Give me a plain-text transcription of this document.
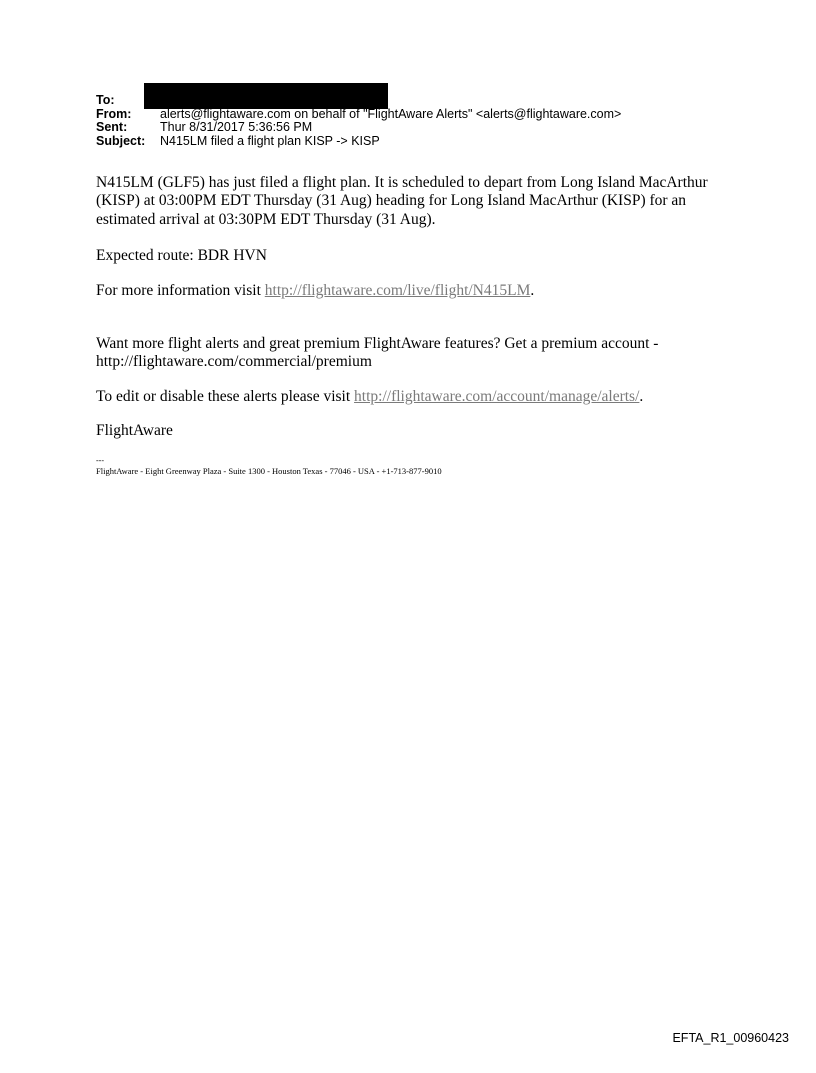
To:
From:	alerts@flightaware.com on behalf of "FlightAware Alerts" <alerts@flightaware.com>
Sent:	Thur 8/31/2017 5:36:56 PM
Subject:	N415LM filed a flight plan KISP -> KISP

N415LM (GLF5) has just filed a flight plan. It is scheduled to depart from Long Island MacArthur (KISP) at 03:00PM EDT Thursday (31 Aug) heading for Long Island MacArthur (KISP) for an estimated arrival at 03:30PM EDT Thursday (31 Aug).

Expected route: BDR HVN

For more information visit http://flightaware.com/live/flight/N415LM.

Want more flight alerts and great premium FlightAware features? Get a premium account - http://flightaware.com/commercial/premium

To edit or disable these alerts please visit http://flightaware.com/account/manage/alerts/.

FlightAware

---
FlightAware - Eight Greenway Plaza - Suite 1300 - Houston Texas - 77046 - USA - +1-713-877-9010
EFTA_R1_00960423
